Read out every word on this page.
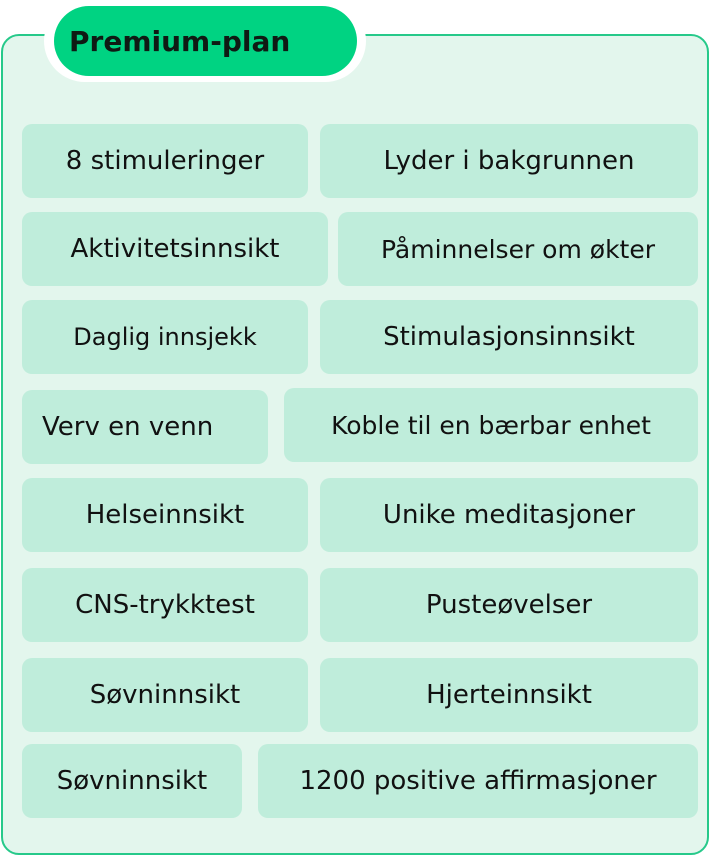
Premium-plan
8 stimuleringer	Lyder i bakgrunnen
Aktivitetsinnsikt	Påminnelser om økter
Daglig innsjekk	Stimulasjonsinnsikt
Verv en venn	Koble til en bærbar enhet
Helseinnsikt	Unike meditasjoner
CNS-trykktest	Pusteøvelser
Søvninnsikt	Hjerteinnsikt
Søvninnsikt	1200 positive affirmasjoner
